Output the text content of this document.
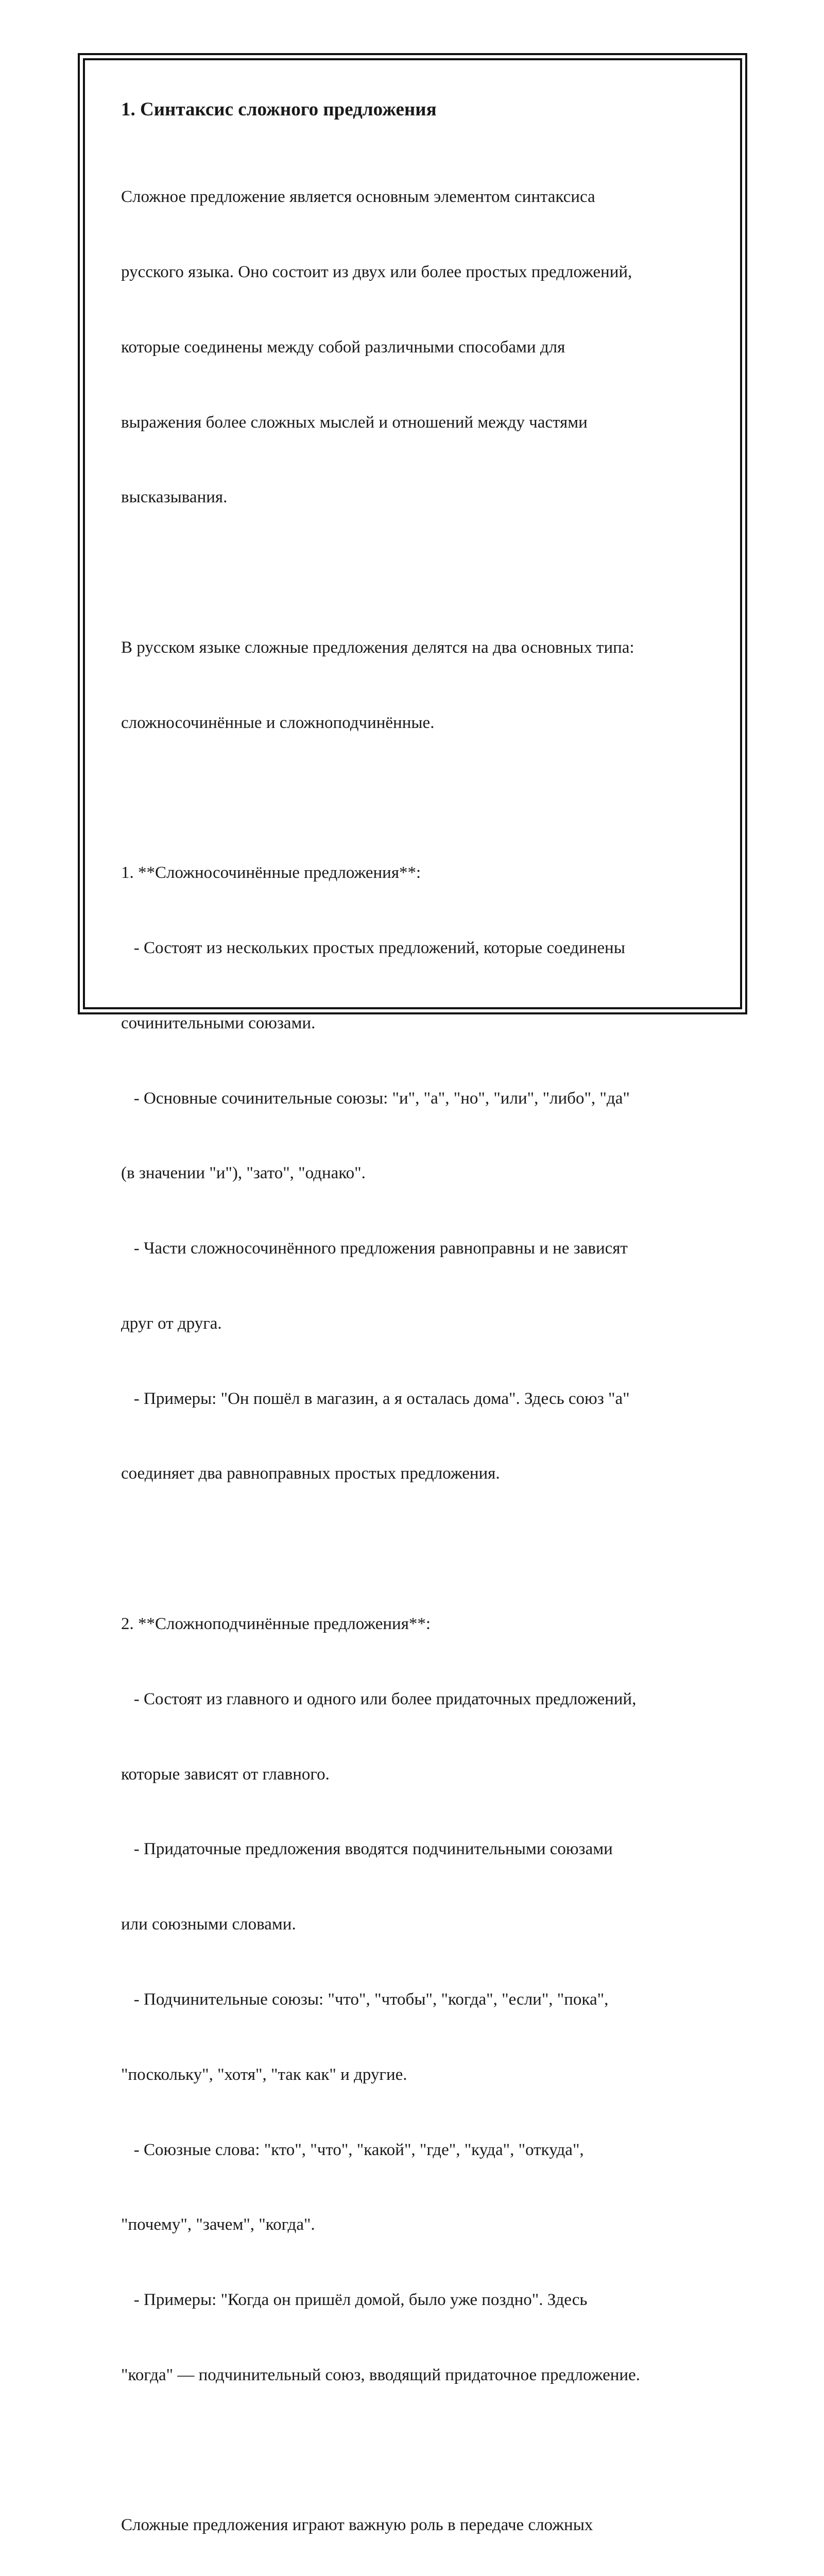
1. Синтаксис сложного предложения

Сложное предложение является основным элементом синтаксиса

русского языка. Оно состоит из двух или более простых предложений,

которые соединены между собой различными способами для

выражения более сложных мыслей и отношений между частями

высказывания.

В русском языке сложные предложения делятся на два основных типа:

сложносочинённые и сложноподчинённые.

1. **Сложносочинённые предложения**:

- Состоят из нескольких простых предложений, которые соединены

сочинительными союзами.

- Основные сочинительные союзы: "и", "а", "но", "или", "либо", "да"

(в значении "и"), "зато", "однако".

- Части сложносочинённого предложения равноправны и не зависят

друг от друга.

- Примеры: "Он пошёл в магазин, а я осталась дома". Здесь союз "а"

соединяет два равноправных простых предложения.

2. **Сложноподчинённые предложения**:

- Состоят из главного и одного или более придаточных предложений,

которые зависят от главного.

- Придаточные предложения вводятся подчинительными союзами

или союзными словами.

- Подчинительные союзы: "что", "чтобы", "когда", "если", "пока",

"поскольку", "хотя", "так как" и другие.

- Союзные слова: "кто", "что", "какой", "где", "куда", "откуда",

"почему", "зачем", "когда".

- Примеры: "Когда он пришёл домой, было уже поздно". Здесь

"когда" — подчинительный союз, вводящий придаточное предложение.

Сложные предложения играют важную роль в передаче сложных
